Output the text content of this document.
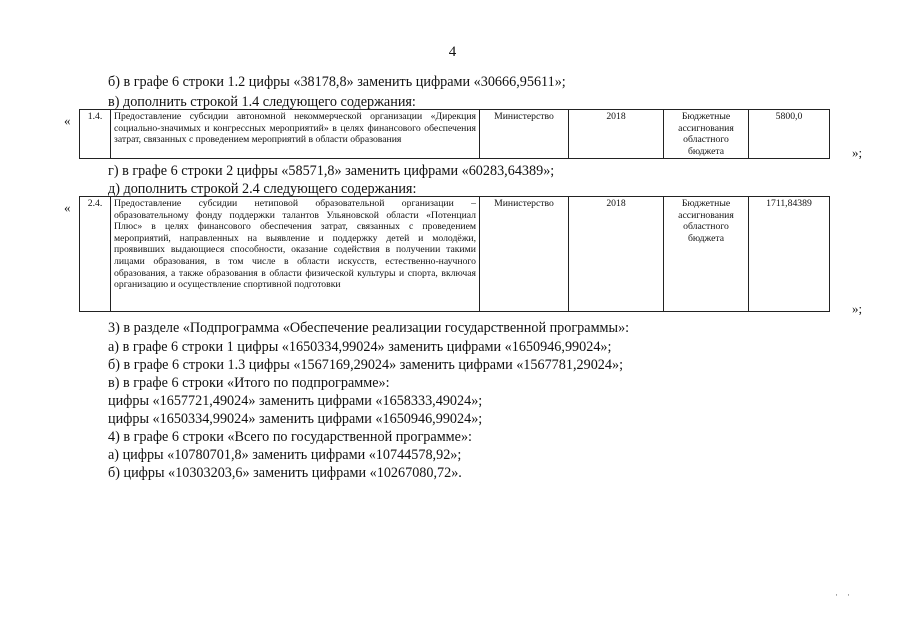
4
б) в графе 6 строки 1.2 цифры «38178,8» заменить цифрами «30666,95611»;
в) дополнить строкой 1.4 следующего содержания:
« 1.4.	Предоставление субсидии автономной некоммерческой организации «Дирекция социально-значимых и конгрессных мероприятий» в целях финансового обеспечения затрат, связанных с проведением мероприятий в области образования	Министерство	2018	Бюджетные ассигнования областного бюджета	5800,0
»;
г) в графе 6 строки 2 цифры «58571,8» заменить цифрами «60283,64389»;
д) дополнить строкой 2.4 следующего содержания:
« 2.4.	Предоставление субсидии нетиповой образовательной организации – образовательному фонду поддержки талантов Ульяновской области «Потенциал Плюс» в целях финансового обеспечения затрат, связанных с проведением мероприятий, направленных на выявление и поддержку детей и молодёжи, проявивших выдающиеся способности, оказание содействия в получении такими лицами образования, в том числе в области искусств, естественно-научного образования, а также образования в области физической культуры и спорта, включая организацию и осуществление спортивной подготовки	Министерство	2018	Бюджетные ассигнования областного бюджета	1711,84389
»;
3) в разделе «Подпрограмма «Обеспечение реализации государственной программы»:
а) в графе 6 строки 1 цифры «1650334,99024» заменить цифрами «1650946,99024»;
б) в графе 6 строки 1.3 цифры «1567169,29024» заменить цифрами «1567781,29024»;
в) в графе 6 строки «Итого по подпрограмме»:
цифры «1657721,49024» заменить цифрами «1658333,49024»;
цифры «1650334,99024» заменить цифрами «1650946,99024»;
4) в графе 6 строки «Всего по государственной программе»:
а) цифры «10780701,8» заменить цифрами «10744578,92»;
б) цифры «10303203,6» заменить цифрами «10267080,72».
·    ·
